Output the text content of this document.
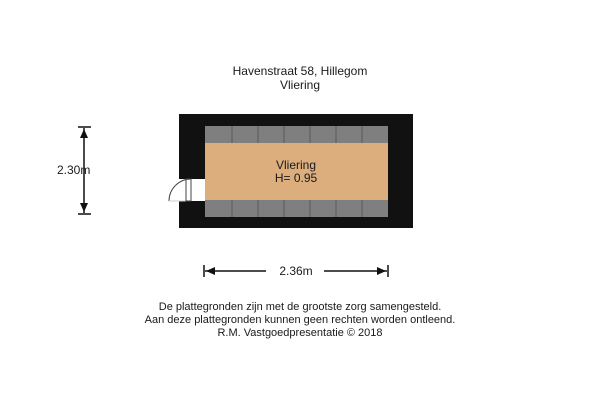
Havenstraat 58, Hillegom
Vliering
Vliering
H= 0.95
2.30m
2.36m
De plattegronden zijn met de grootste zorg samengesteld.
Aan deze plattegronden kunnen geen rechten worden ontleend.
R.M. Vastgoedpresentatie © 2018
